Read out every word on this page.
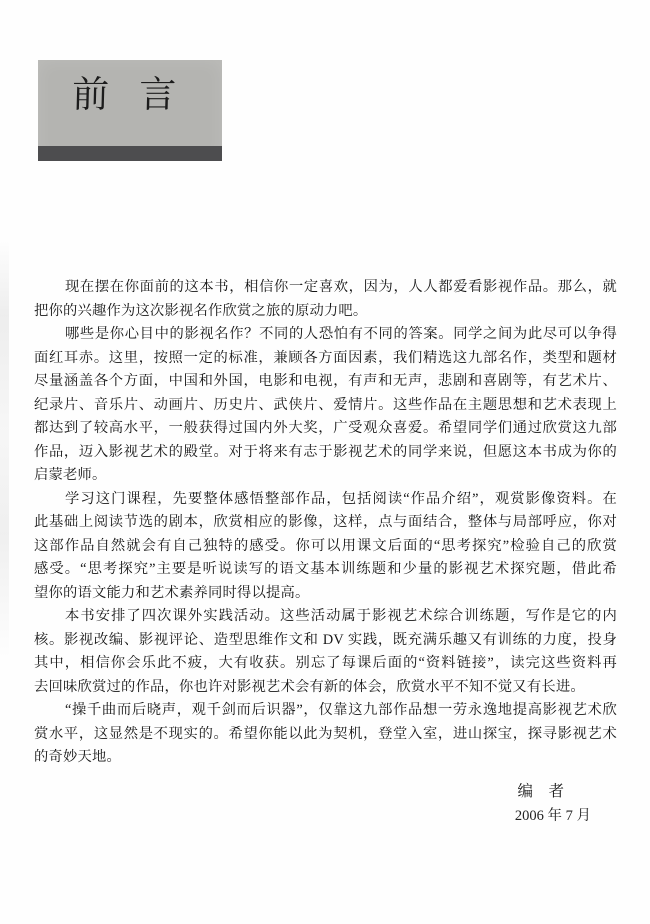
前 言
现在摆在你面前的这本书，相信你一定喜欢，因为，人人都爱看影视作品。那么，就
把你的兴趣作为这次影视名作欣赏之旅的原动力吧。
哪些是你心目中的影视名作？不同的人恐怕有不同的答案。同学之间为此尽可以争得
面红耳赤。这里，按照一定的标准，兼顾各方面因素，我们精选这九部名作，类型和题材
尽量涵盖各个方面，中国和外国，电影和电视，有声和无声，悲剧和喜剧等，有艺术片、
纪录片、音乐片、动画片、历史片、武侠片、爱情片。这些作品在主题思想和艺术表现上
都达到了较高水平，一般获得过国内外大奖，广受观众喜爱。希望同学们通过欣赏这九部
作品，迈入影视艺术的殿堂。对于将来有志于影视艺术的同学来说，但愿这本书成为你的
启蒙老师。
学习这门课程，先要整体感悟整部作品，包括阅读“作品介绍”，观赏影像资料。在
此基础上阅读节选的剧本，欣赏相应的影像，这样，点与面结合，整体与局部呼应，你对
这部作品自然就会有自己独特的感受。你可以用课文后面的“思考探究”检验自己的欣赏
感受。“思考探究”主要是听说读写的语文基本训练题和少量的影视艺术探究题，借此希
望你的语文能力和艺术素养同时得以提高。
本书安排了四次课外实践活动。这些活动属于影视艺术综合训练题，写作是它的内
核。影视改编、影视评论、造型思维作文和 DV 实践，既充满乐趣又有训练的力度，投身
其中，相信你会乐此不疲，大有收获。别忘了每课后面的“资料链接”，读完这些资料再
去回味欣赏过的作品，你也许对影视艺术会有新的体会，欣赏水平不知不觉又有长进。
“操千曲而后晓声，观千剑而后识器”，仅靠这九部作品想一劳永逸地提高影视艺术欣
赏水平，这显然是不现实的。希望你能以此为契机，登堂入室，进山探宝，探寻影视艺术
的奇妙天地。
编　者
2006 年 7 月
